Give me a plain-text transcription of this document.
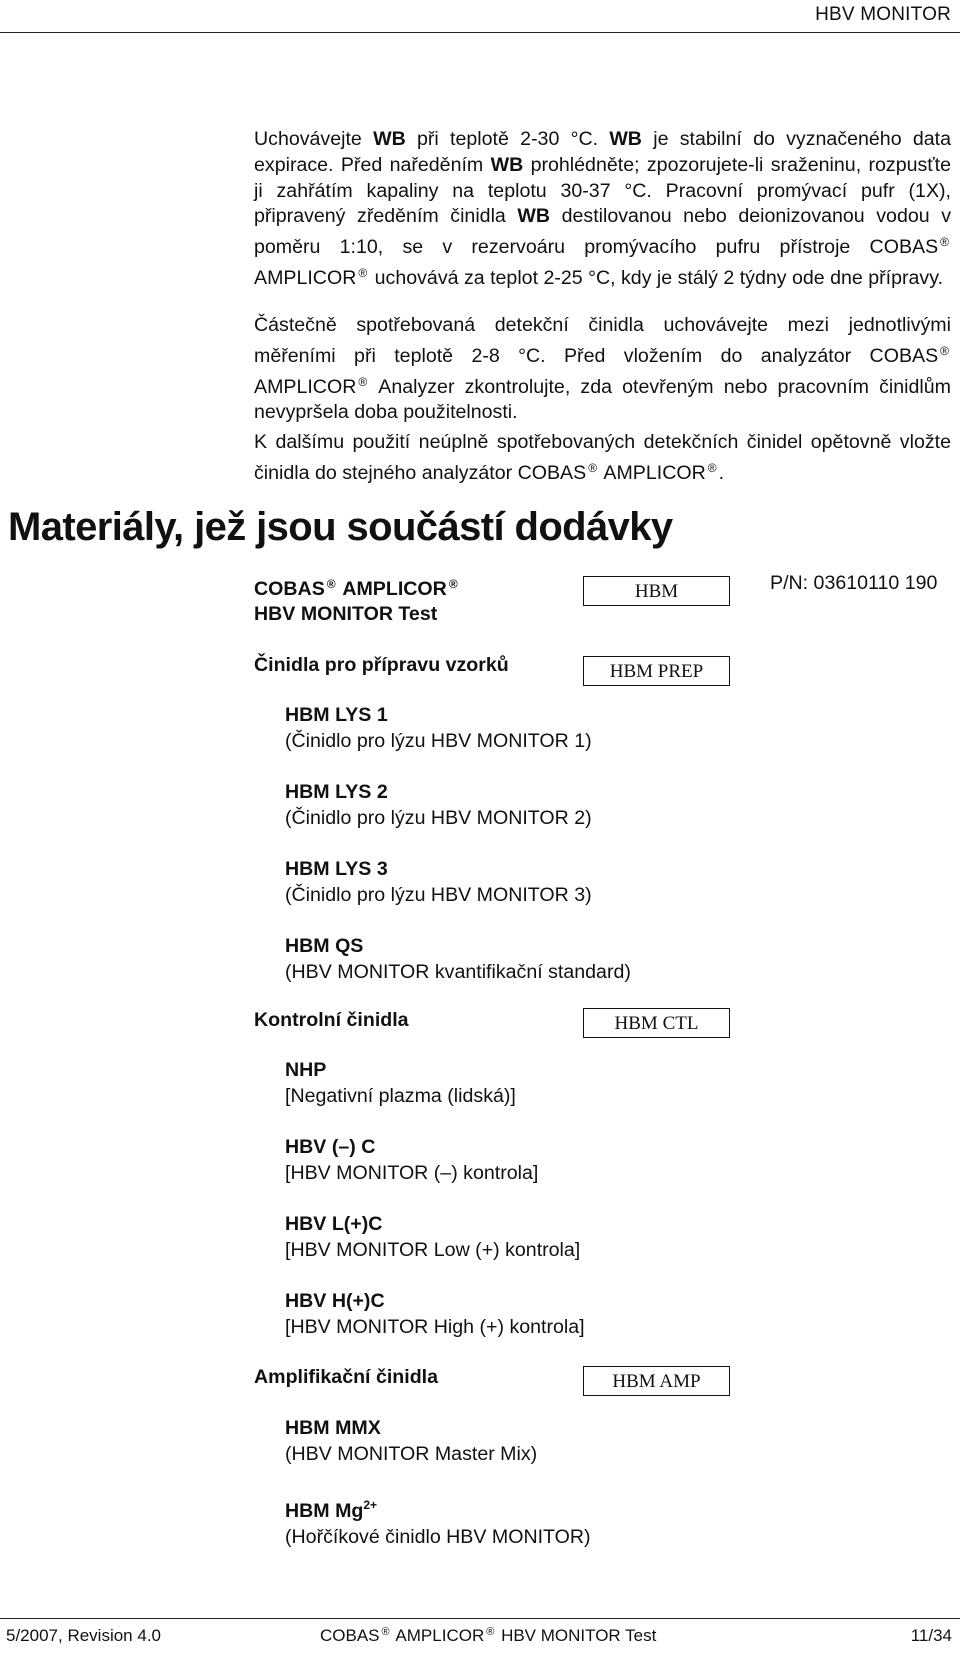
HBV MONITOR
Uchovávejte WB při teplotě 2-30 °C. WB je stabilní do vyznačeného data expirace. Před naředěním WB prohlédněte; zpozorujete-li sraženinu, rozpusťte ji zahřátím kapaliny na teplotu 30-37 °C. Pracovní promývací pufr (1X), připravený zředěním činidla WB destilovanou nebo deionizovanou vodou v poměru 1:10, se v rezervoáru promývacího pufru přístroje COBAS ® AMPLICOR ® uchovává za teplot 2-25 °C, kdy je stálý 2 týdny ode dne přípravy.
Částečně spotřebovaná detekční činidla uchovávejte mezi jednotlivými měřeními při teplotě 2-8 °C. Před vložením do analyzátor COBAS ® AMPLICOR ® Analyzer zkontrolujte, zda otevřeným nebo pracovním činidlům nevypršela doba použitelnosti.
K dalšímu použití neúplně spotřebovaných detekčních činidel opětovně vložte činidla do stejného analyzátor COBAS ® AMPLICOR ® .
Materiály, jež jsou součástí dodávky
COBAS ® AMPLICOR ®
HBV MONITOR Test
HBM	P/N: 03610110 190
Činidla pro přípravu vzorků	HBM PREP
HBM LYS 1
(Činidlo pro lýzu HBV MONITOR 1)
HBM LYS 2
(Činidlo pro lýzu HBV MONITOR 2)
HBM LYS 3
(Činidlo pro lýzu HBV MONITOR 3)
HBM QS
(HBV MONITOR kvantifikační standard)
Kontrolní činidla	HBM CTL
NHP
[Negativní plazma (lidská)]
HBV (–) C
[HBV MONITOR (–) kontrola]
HBV L(+)C
[HBV MONITOR Low (+) kontrola]
HBV H(+)C
[HBV MONITOR High (+) kontrola]
Amplifikační činidla	HBM AMP
HBM MMX
(HBV MONITOR Master Mix)
HBM $Mg^{2+}$
(Hořčíkové činidlo HBV MONITOR)
5/2007, Revision 4.0	COBAS ® AMPLICOR ® HBV MONITOR Test	11/34
